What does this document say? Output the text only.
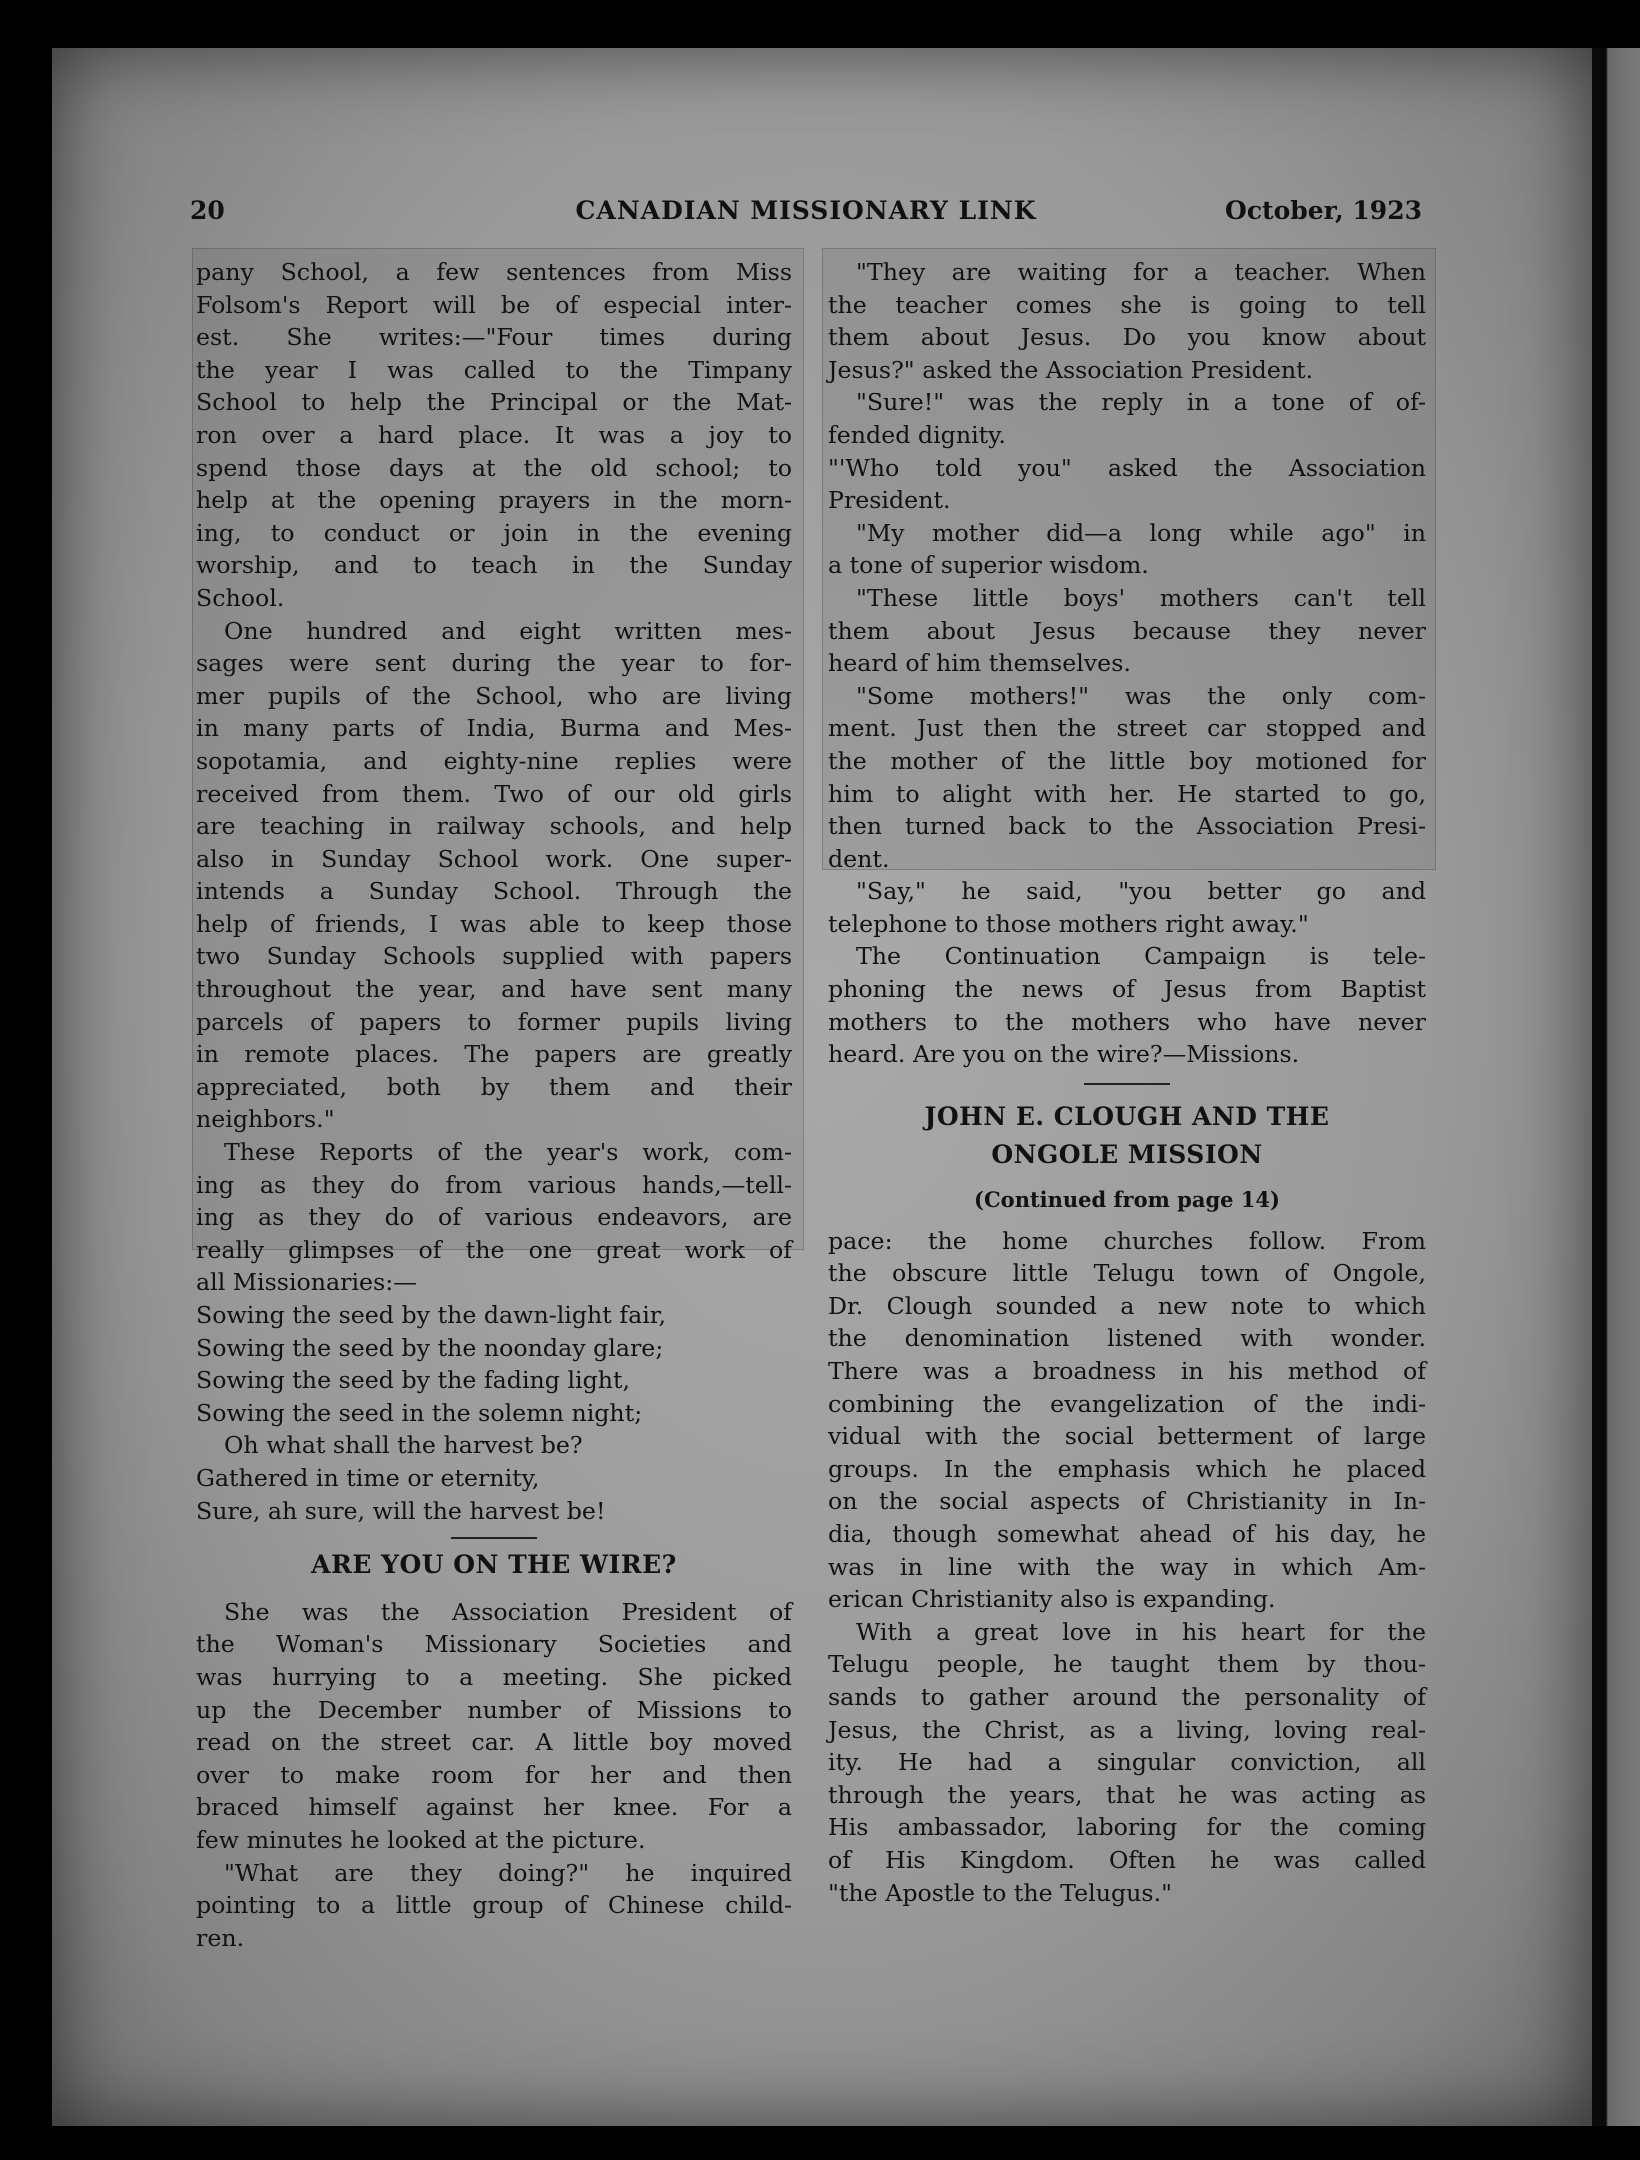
20	CANADIAN MISSIONARY LINK	October, 1923
pany School, a few sentences from Miss
Folsom's Report will be of especial inter-
est. She writes:—"Four times during
the year I was called to the Timpany
School to help the Principal or the Mat-
ron over a hard place. It was a joy to
spend those days at the old school; to
help at the opening prayers in the morn-
ing, to conduct or join in the evening
worship, and to teach in the Sunday
School.
One hundred and eight written mes-
sages were sent during the year to for-
mer pupils of the School, who are living
in many parts of India, Burma and Mes-
sopotamia, and eighty-nine replies were
received from them. Two of our old girls
are teaching in railway schools, and help
also in Sunday School work. One super-
intends a Sunday School. Through the
help of friends, I was able to keep those
two Sunday Schools supplied with papers
throughout the year, and have sent many
parcels of papers to former pupils living
in remote places. The papers are greatly
appreciated, both by them and their
neighbors."
These Reports of the year's work, com-
ing as they do from various hands,—tell-
ing as they do of various endeavors, are
really glimpses of the one great work of
all Missionaries:—
Sowing the seed by the dawn-light fair,
Sowing the seed by the noonday glare;
Sowing the seed by the fading light,
Sowing the seed in the solemn night;
Oh what shall the harvest be?
Gathered in time or eternity,
Sure, ah sure, will the harvest be!
ARE YOU ON THE WIRE?
She was the Association President of
the Woman's Missionary Societies and
was hurrying to a meeting. She picked
up the December number of Missions to
read on the street car. A little boy moved
over to make room for her and then
braced himself against her knee. For a
few minutes he looked at the picture.
"What are they doing?" he inquired
pointing to a little group of Chinese child-
ren.
"They are waiting for a teacher. When
the teacher comes she is going to tell
them about Jesus. Do you know about
Jesus?" asked the Association President.
"Sure!" was the reply in a tone of of-
fended dignity.
"'Who told you" asked the Association
President.
"My mother did—a long while ago" in
a tone of superior wisdom.
"These little boys' mothers can't tell
them about Jesus because they never
heard of him themselves.
"Some mothers!" was the only com-
ment. Just then the street car stopped and
the mother of the little boy motioned for
him to alight with her. He started to go,
then turned back to the Association Presi-
dent.
"Say," he said, "you better go and
telephone to those mothers right away."
The Continuation Campaign is tele-
phoning the news of Jesus from Baptist
mothers to the mothers who have never
heard. Are you on the wire?—Missions.
JOHN E. CLOUGH AND THE
ONGOLE MISSION
(Continued from page 14)
pace: the home churches follow. From
the obscure little Telugu town of Ongole,
Dr. Clough sounded a new note to which
the denomination listened with wonder.
There was a broadness in his method of
combining the evangelization of the indi-
vidual with the social betterment of large
groups. In the emphasis which he placed
on the social aspects of Christianity in In-
dia, though somewhat ahead of his day, he
was in line with the way in which Am-
erican Christianity also is expanding.
With a great love in his heart for the
Telugu people, he taught them by thou-
sands to gather around the personality of
Jesus, the Christ, as a living, loving real-
ity. He had a singular conviction, all
through the years, that he was acting as
His ambassador, laboring for the coming
of His Kingdom. Often he was called
"the Apostle to the Telugus."
